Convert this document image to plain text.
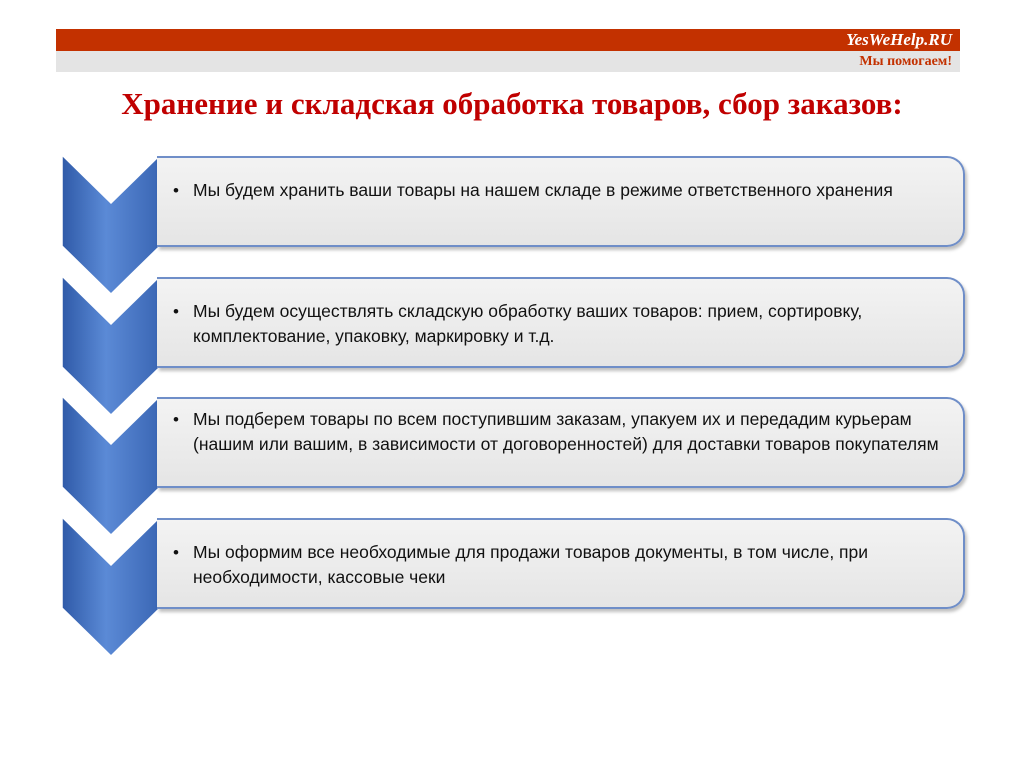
YesWeHelp.RU
Мы помогаем!
Хранение и складская обработка товаров, сбор заказов:
• Мы будем хранить ваши товары на нашем складе в режиме ответственного хранения
• Мы будем осуществлять складскую обработку ваших товаров: прием, сортировку, комплектование, упаковку, маркировку и т.д.
• Мы подберем товары по всем поступившим заказам, упакуем их и передадим курьерам (нашим или вашим, в зависимости от договоренностей) для доставки товаров покупателям
• Мы оформим все необходимые для продажи товаров документы, в том числе, при необходимости, кассовые чеки
